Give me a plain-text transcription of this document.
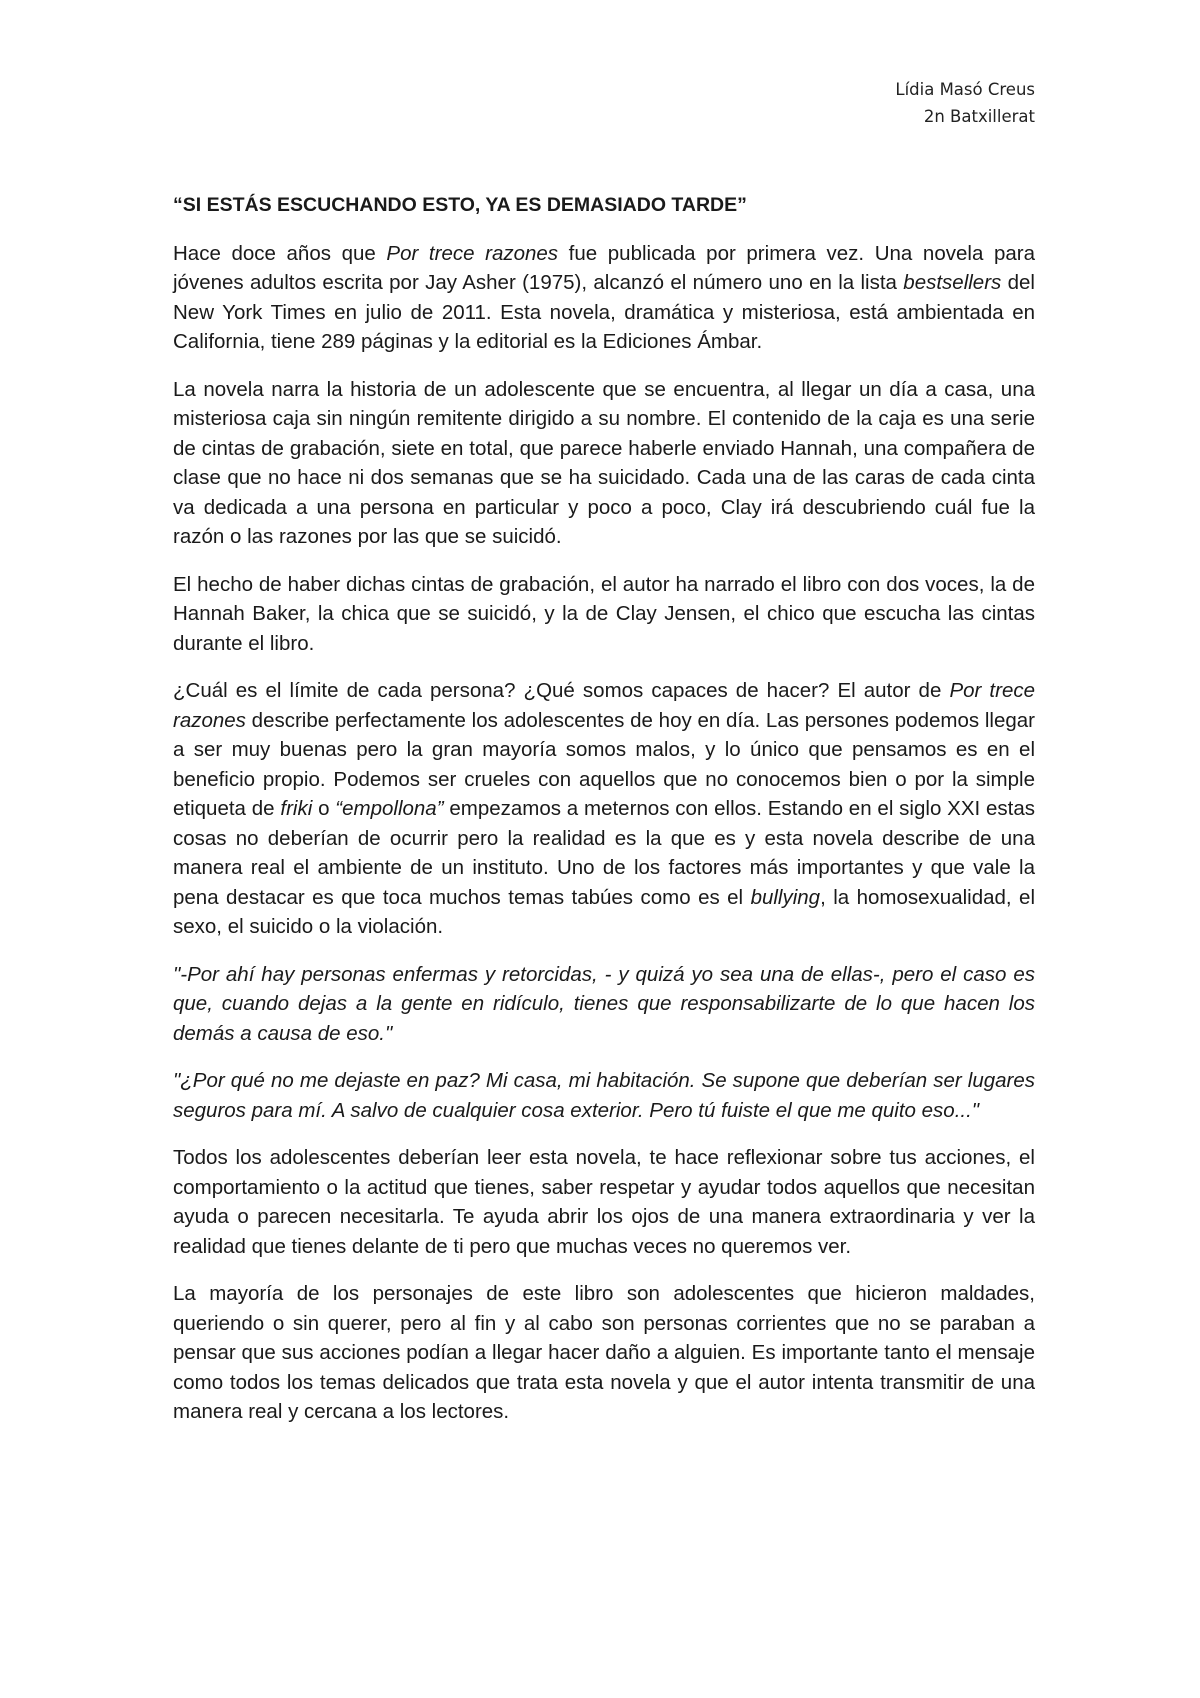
Lídia Masó Creus
2n Batxillerat
“SI ESTÁS ESCUCHANDO ESTO, YA ES DEMASIADO TARDE”

Hace doce años que Por trece razones fue publicada por primera vez. Una novela para jóvenes adultos escrita por Jay Asher (1975), alcanzó el número uno en la lista bestsellers del New York Times en julio de 2011. Esta novela, dramática y misteriosa, está ambientada en California, tiene 289 páginas y la editorial es la Ediciones Ámbar.

La novela narra la historia de un adolescente que se encuentra, al llegar un día a casa, una misteriosa caja sin ningún remitente dirigido a su nombre. El contenido de la caja es una serie de cintas de grabación, siete en total, que parece haberle enviado Hannah, una compañera de clase que no hace ni dos semanas que se ha suicidado. Cada una de las caras de cada cinta va dedicada a una persona en particular y poco a poco, Clay irá descubriendo cuál fue la razón o las razones por las que se suicidó.

El hecho de haber dichas cintas de grabación, el autor ha narrado el libro con dos voces, la de Hannah Baker, la chica que se suicidó, y la de Clay Jensen, el chico que escucha las cintas durante el libro.

¿Cuál es el límite de cada persona? ¿Qué somos capaces de hacer? El autor de Por trece razones describe perfectamente los adolescentes de hoy en día. Las persones podemos llegar a ser muy buenas pero la gran mayoría somos malos, y lo único que pensamos es en el beneficio propio. Podemos ser crueles con aquellos que no conocemos bien o por la simple etiqueta de friki o “empollona” empezamos a meternos con ellos. Estando en el siglo XXI estas cosas no deberían de ocurrir pero la realidad es la que es y esta novela describe de una manera real el ambiente de un instituto. Uno de los factores más importantes y que vale la pena destacar es que toca muchos temas tabúes como es el bullying, la homosexualidad, el sexo, el suicido o la violación.

"-Por ahí hay personas enfermas y retorcidas, - y quizá yo sea una de ellas-, pero el caso es que, cuando dejas a la gente en ridículo, tienes que responsabilizarte de lo que hacen los demás a causa de eso."

"¿Por qué no me dejaste en paz? Mi casa, mi habitación. Se supone que deberían ser lugares seguros para mí. A salvo de cualquier cosa exterior. Pero tú fuiste el que me quito eso..."

Todos los adolescentes deberían leer esta novela, te hace reflexionar sobre tus acciones, el comportamiento o la actitud que tienes, saber respetar y ayudar todos aquellos que necesitan ayuda o parecen necesitarla. Te ayuda abrir los ojos de una manera extraordinaria y ver la realidad que tienes delante de ti pero que muchas veces no queremos ver.

La mayoría de los personajes de este libro son adolescentes que hicieron maldades, queriendo o sin querer, pero al fin y al cabo son personas corrientes que no se paraban a pensar que sus acciones podían a llegar hacer daño a alguien. Es importante tanto el mensaje como todos los temas delicados que trata esta novela y que el autor intenta transmitir de una manera real y cercana a los lectores.
